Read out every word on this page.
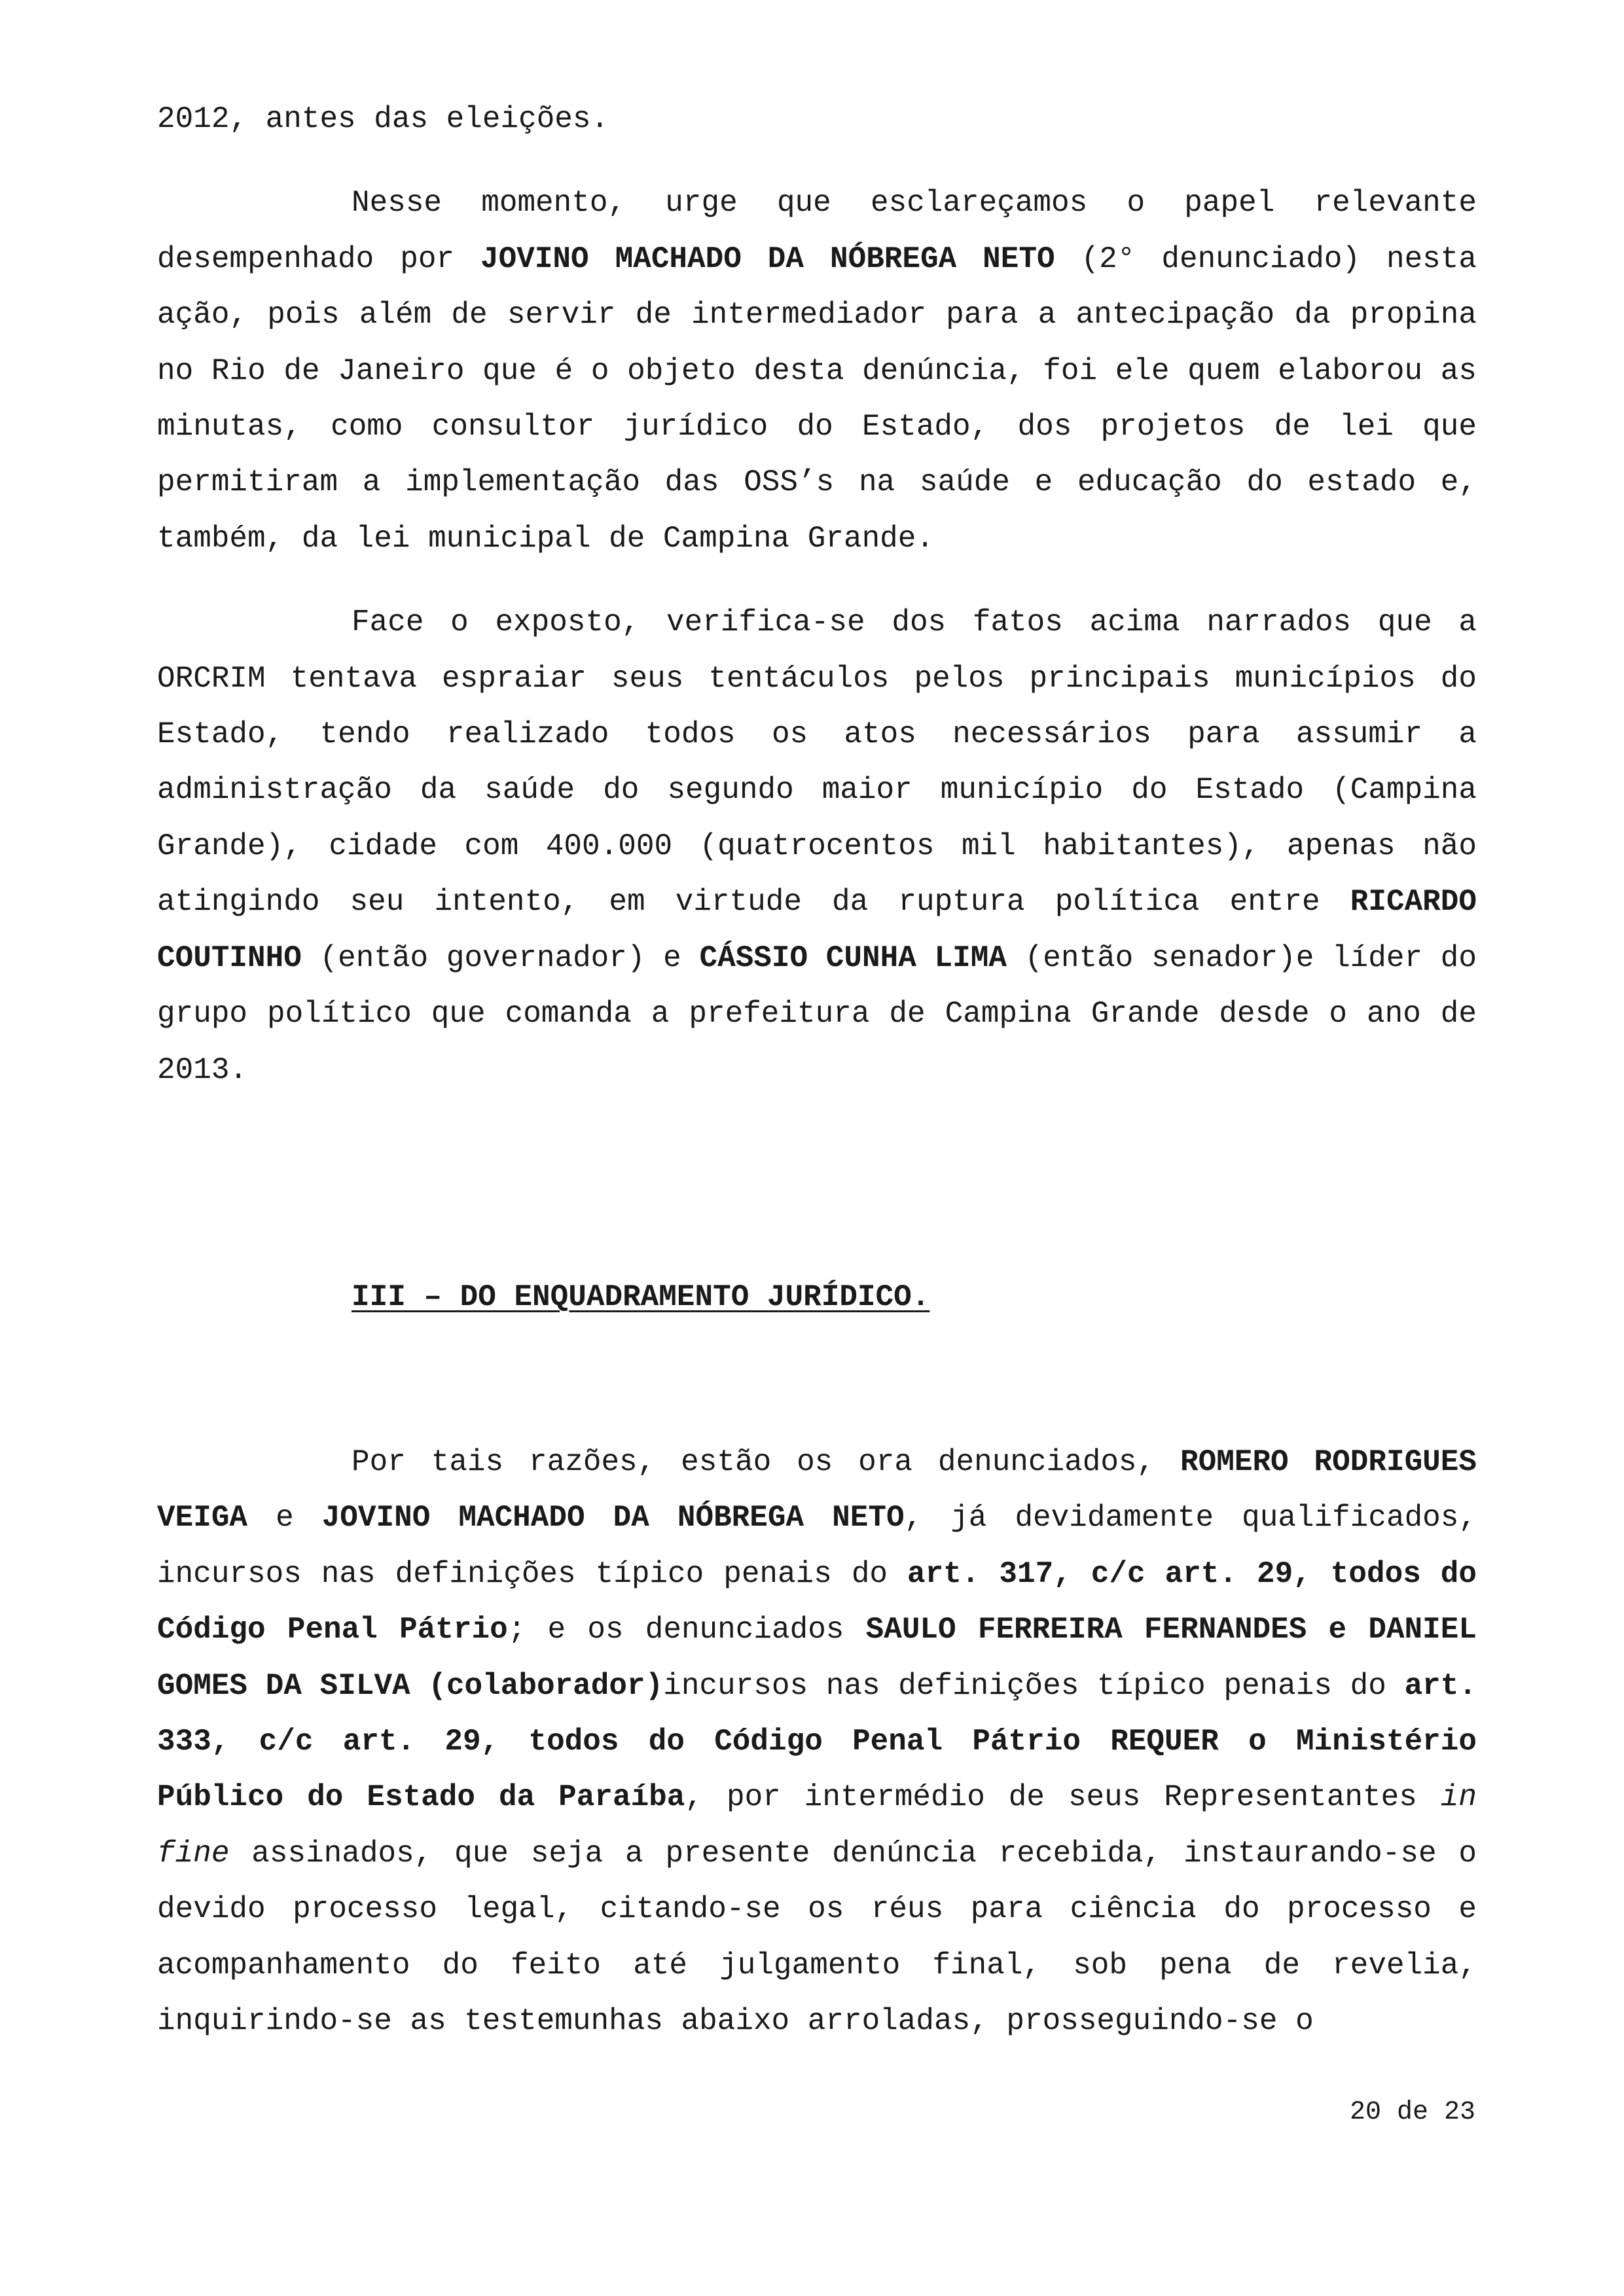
2012, antes das eleições.

Nesse momento, urge que esclareçamos o papel relevante desempenhado por JOVINO MACHADO DA NÓBREGA NETO (2° denunciado) nesta ação, pois além de servir de intermediador para a antecipação da propina no Rio de Janeiro que é o objeto desta denúncia, foi ele quem elaborou as minutas, como consultor jurídico do Estado, dos projetos de lei que permitiram a implementação das OSS’s na saúde e educação do estado e, também, da lei municipal de Campina Grande.

Face o exposto, verifica-se dos fatos acima narrados que a ORCRIM tentava espraiar seus tentáculos pelos principais municípios do Estado, tendo realizado todos os atos necessários para assumir a administração da saúde do segundo maior município do Estado (Campina Grande), cidade com 400.000 (quatrocentos mil habitantes), apenas não atingindo seu intento, em virtude da ruptura política entre RICARDO COUTINHO (então governador) e CÁSSIO CUNHA LIMA (então senador)e líder do grupo político que comanda a prefeitura de Campina Grande desde o ano de 2013.

III – DO ENQUADRAMENTO JURÍDICO.

Por tais razões, estão os ora denunciados, ROMERO RODRIGUES VEIGA e JOVINO MACHADO DA NÓBREGA NETO, já devidamente qualificados, incursos nas definições típico penais do art. 317, c/c art. 29, todos do Código Penal Pátrio; e os denunciados SAULO FERREIRA FERNANDES e DANIEL GOMES DA SILVA (colaborador)incursos nas definições típico penais do art. 333, c/c art. 29, todos do Código Penal Pátrio REQUER o Ministério Público do Estado da Paraíba, por intermédio de seus Representantes in fine assinados, que seja a presente denúncia recebida, instaurando-se o devido processo legal, citando-se os réus para ciência do processo e acompanhamento do feito até julgamento final, sob pena de revelia, inquirindo-se as testemunhas abaixo arroladas, prosseguindo-se o

20 de 23
